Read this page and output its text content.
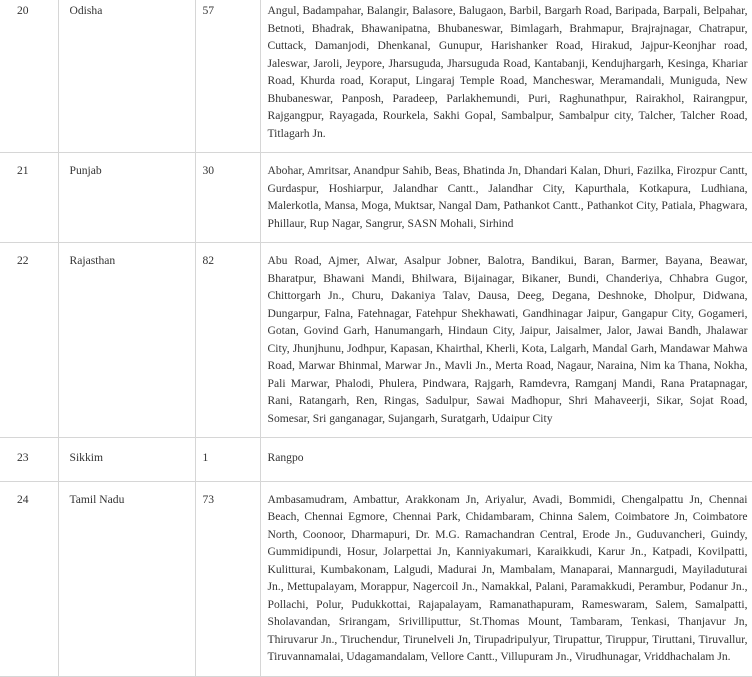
20	Odisha	57	Angul, Badampahar, Balangir, Balasore, Balugaon, Barbil, Bargarh Road, Baripada, Barpali, Belpahar, Betnoti, Bhadrak, Bhawanipatna, Bhubaneswar, Bimlagarh, Brahmapur, Brajrajnagar, Chatrapur, Cuttack, Damanjodi, Dhenkanal, Gunupur, Harishanker Road, Hirakud, Jajpur-Keonjhar road, Jaleswar, Jaroli, Jeypore, Jharsuguda, Jharsuguda Road, Kantabanji, Kendujhargarh, Kesinga, Khariar Road, Khurda road, Koraput, Lingaraj Temple Road, Mancheswar, Meramandali, Muniguda, New Bhubaneswar, Panposh, Paradeep, Parlakhemundi, Puri, Raghunathpur, Rairakhol, Rairangpur, Rajgangpur, Rayagada, Rourkela, Sakhi Gopal, Sambalpur, Sambalpur city, Talcher, Talcher Road, Titlagarh Jn.
21	Punjab	30	Abohar, Amritsar, Anandpur Sahib, Beas, Bhatinda Jn, Dhandari Kalan, Dhuri, Fazilka, Firozpur Cantt, Gurdaspur, Hoshiarpur, Jalandhar Cantt., Jalandhar City, Kapurthala, Kotkapura, Ludhiana, Malerkotla, Mansa, Moga, Muktsar, Nangal Dam, Pathankot Cantt., Pathankot City, Patiala, Phagwara, Phillaur, Rup Nagar, Sangrur, SASN Mohali, Sirhind
22	Rajasthan	82	Abu Road, Ajmer, Alwar, Asalpur Jobner, Balotra, Bandikui, Baran, Barmer, Bayana, Beawar, Bharatpur, Bhawani Mandi, Bhilwara, Bijainagar, Bikaner, Bundi, Chanderiya, Chhabra Gugor, Chittorgarh Jn., Churu, Dakaniya Talav, Dausa, Deeg, Degana, Deshnoke, Dholpur, Didwana, Dungarpur, Falna, Fatehnagar, Fatehpur Shekhawati, Gandhinagar Jaipur, Gangapur City, Gogameri, Gotan, Govind Garh, Hanumangarh, Hindaun City, Jaipur, Jaisalmer, Jalor, Jawai Bandh, Jhalawar City, Jhunjhunu, Jodhpur, Kapasan, Khairthal, Kherli, Kota, Lalgarh, Mandal Garh, Mandawar Mahwa Road, Marwar Bhinmal, Marwar Jn., Mavli Jn., Merta Road, Nagaur, Naraina, Nim ka Thana, Nokha, Pali Marwar, Phalodi, Phulera, Pindwara, Rajgarh, Ramdevra, Ramganj Mandi, Rana Pratapnagar, Rani, Ratangarh, Ren, Ringas, Sadulpur, Sawai Madhopur, Shri Mahaveerji, Sikar, Sojat Road, Somesar, Sri ganganagar, Sujangarh, Suratgarh, Udaipur City
23	Sikkim	1	Rangpo
24	Tamil Nadu	73	Ambasamudram, Ambattur, Arakkonam Jn, Ariyalur, Avadi, Bommidi, Chengalpattu Jn, Chennai Beach, Chennai Egmore, Chennai Park, Chidambaram, Chinna Salem, Coimbatore Jn, Coimbatore North, Coonoor, Dharmapuri, Dr. M.G. Ramachandran Central, Erode Jn., Guduvancheri, Guindy, Gummidipundi, Hosur, Jolarpettai Jn, Kanniyakumari, Karaikkudi, Karur Jn., Katpadi, Kovilpatti, Kulitturai, Kumbakonam, Lalgudi, Madurai Jn, Mambalam, Manaparai, Mannargudi, Mayiladuturai Jn., Mettupalayam, Morappur, Nagercoil Jn., Namakkal, Palani, Paramakkudi, Perambur, Podanur Jn., Pollachi, Polur, Pudukkottai, Rajapalayam, Ramanathapuram, Rameswaram, Salem, Samalpatti, Sholavandan, Srirangam, Srivilliputtur, St.Thomas Mount, Tambaram, Tenkasi, Thanjavur Jn, Thiruvarur Jn., Tiruchendur, Tirunelveli Jn, Tirupadripulyur, Tirupattur, Tiruppur, Tiruttani, Tiruvallur, Tiruvannamalai, Udagamandalam, Vellore Cantt., Villupuram Jn., Virudhunagar, Vriddhachalam Jn.
